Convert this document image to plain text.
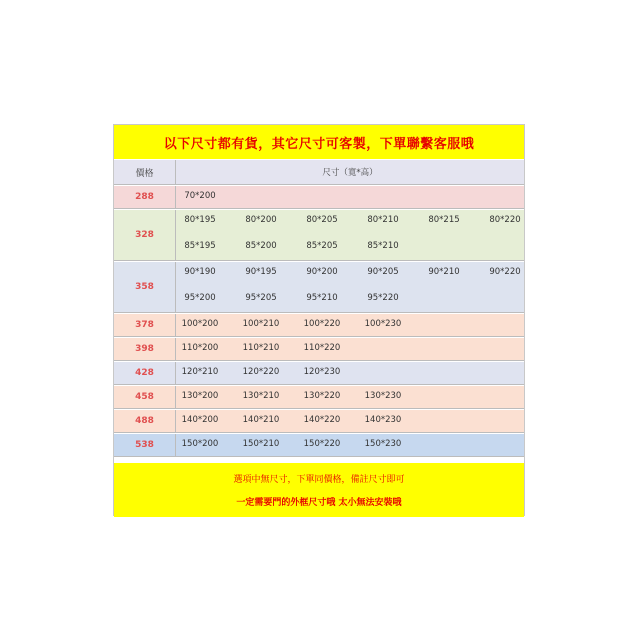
以下尺寸都有貨，其它尺寸可客製，下單聯繫客服哦
價格	尺寸（寬*高）
288	70*200
328
80*195	80*200	80*205	80*210	80*215	80*220
85*195	85*200	85*205	85*210
358
90*190	90*195	90*200	90*205	90*210	90*220
95*200	95*205	95*210	95*220
378	100*200	100*210	100*220	100*230
398	110*200	110*210	110*220
428	120*210	120*220	120*230
458	130*200	130*210	130*220	130*230
488	140*200	140*210	140*220	140*230
538	150*200	150*210	150*220	150*230
選項中無尺寸，下單同價格，備註尺寸即可
一定需要門的外框尺寸哦 太小無法安裝哦
